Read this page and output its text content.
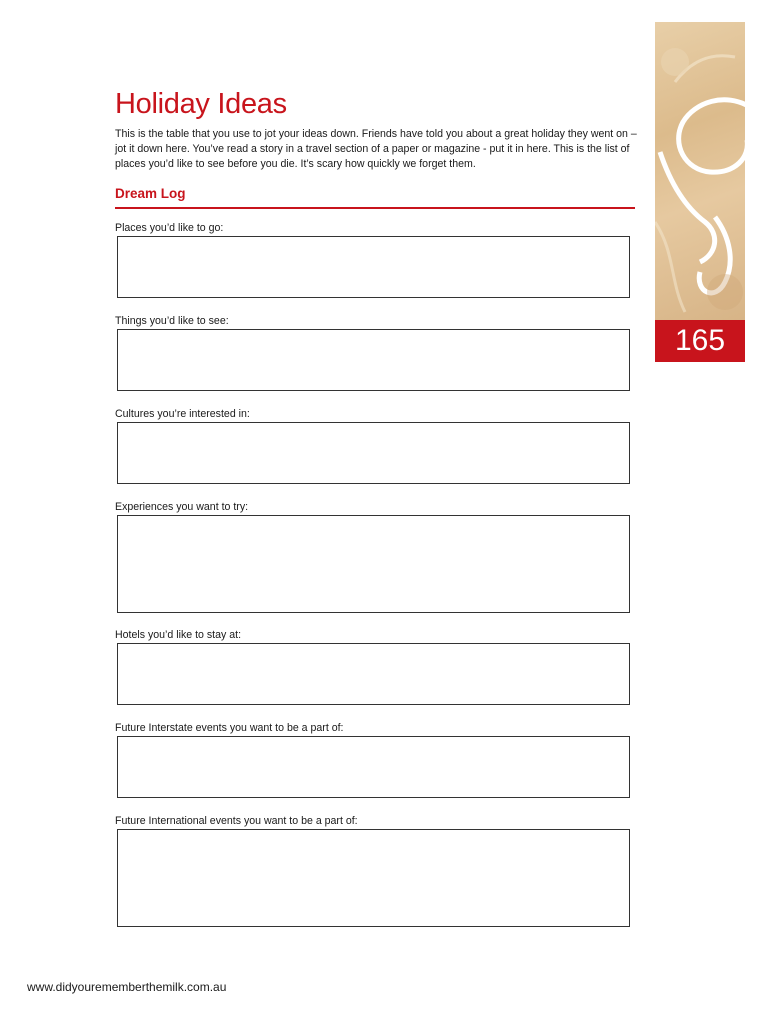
165
Holiday Ideas

This is the table that you use to jot your ideas down. Friends have told you about a great holiday they went on – jot it down here. You’ve read a story in a travel section of a paper or magazine - put it in here. This is the list of places you’d like to see before you die. It’s scary how quickly we forget them.

Dream Log
Places you’d like to go:
Things you’d like to see:
Cultures you’re interested in:
Experiences you want to try:
Hotels you’d like to stay at:
Future Interstate events you want to be a part of:
Future International events you want to be a part of:
www.didyourememberthemilk.com.au
